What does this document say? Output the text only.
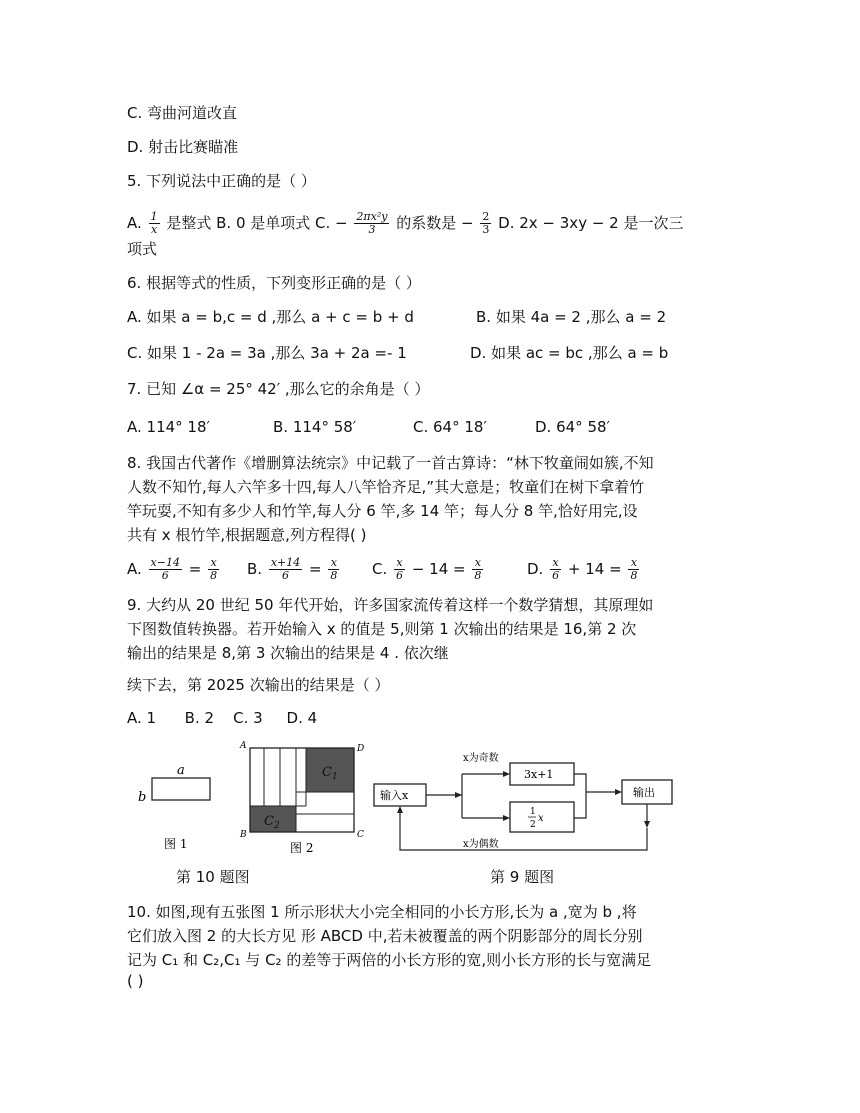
C. 弯曲河道改直
D. 射击比赛瞄准
5. 下列说法中正确的是（ ）
A. $\frac{1}{x}$ 是整式 B. 0 是单项式 C. − $\frac{\text{2πx²y}}{3}$ 的系数是 − $\frac{2}{3} D$. 2x − 3xy − 2 是一次三
项式
6. 根据等式的性质，下列变形正确的是（ ）
A. 如果 a = b,c = d ,那么 a + c = b + d	B. 如果 4a = 2 ,那么 a = 2
C. 如果 1 - 2a = 3a ,那么 3a + 2a =- 1	D. 如果 ac = bc ,那么 a = b
7. 已知 ∠α = 25° 42′ ,那么它的余角是（ ）
A. 114° 18′	B. 114° 58′	C. 64° 18′	D. 64° 58′
8. 我国古代著作《增删算法统宗》中记载了一首古算诗：“林下牧童闹如簇,不知
人数不知竹,每人六竿多十四,每人八竿恰齐足,”其大意是；牧童们在树下拿着竹
竿玩耍,不知有多少人和竹竿,每人分 6 竿,多 14 竿；每人分 8 竿,恰好用完,设
共有 x 根竹竿,根据题意,列方程得( )
A. $\frac{x-14}{6} = \frac{x}{8} B$. $\frac{x+14}{6} = \frac{x}{8} C$. $\frac{x}{6} - 14 = \frac{x}{8}$	D. $\frac{x}{6} + 14 = \frac{x}{8}$
9. 大约从 20 世纪 50 年代开始，许多国家流传着这样一个数学猜想，其原理如
下图数值转换器。若开始输入 x 的值是 5,则第 1 次输出的结果是 16,第 2 次
输出的结果是 8,第 3 次输出的结果是 4 . 依次继
续下去，第 2025 次输出的结果是（ ）
A. 1      B. 2    C. 3     D. 4
a
b
图 1
A
B	C
D
$C_1$
$C_2$
图 2
输入x
3x+1
1
2
x
输出
x为奇数
x为偶数
第 10 题图	第 9 题图
10. 如图,现有五张图 1 所示形状大小完全相同的小长方形,长为 a ,宽为 b ,将
它们放入图 2 的大长方见 形 ABCD 中,若未被覆盖的两个阴影部分的周长分别
记为 C₁ 和 C₂,C₁ 与 C₂ 的差等于两倍的小长方形的宽,则小长方形的长与宽满足
( )
